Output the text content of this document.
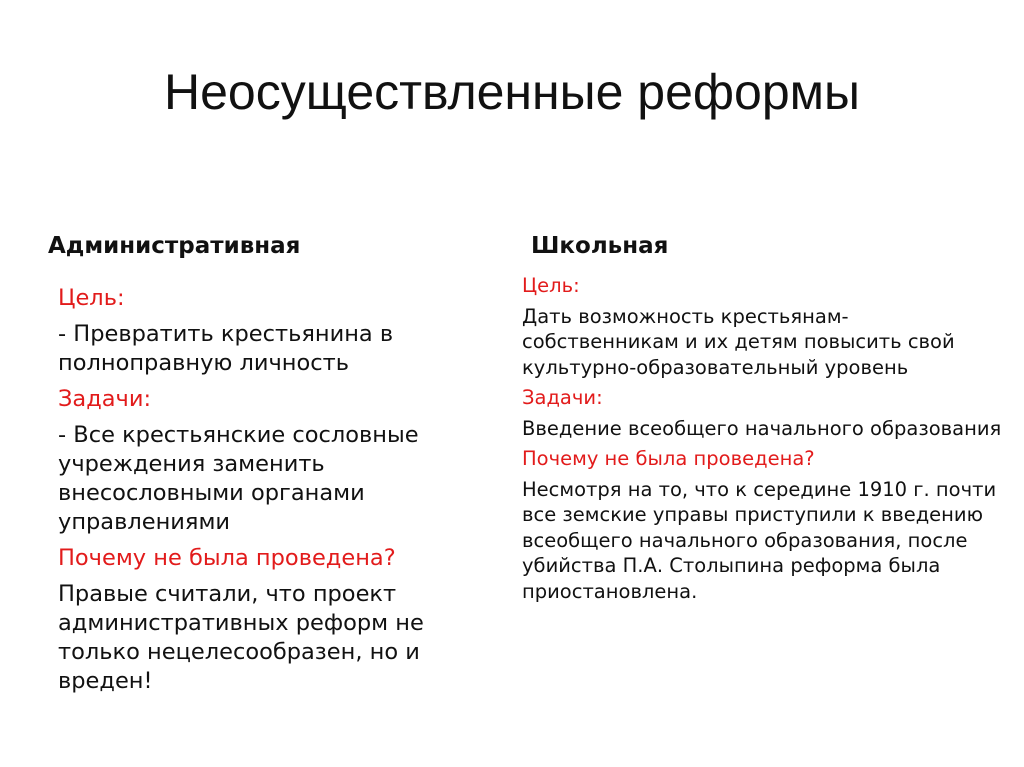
Неосуществленные реформы
Административная	Школьная

Цель:

- Превратить крестьянина в полноправную личность

Задачи:

- Все крестьянские сословные учреждения заменить внесословными органами управлениями

Почему не была проведена?

Правые считали, что проект административных реформ не только нецелесообразен, но и вреден!

Цель:

Дать возможность крестьянам-собственникам и их детям повысить свой культурно-образовательный уровень

Задачи:

Введение всеобщего начального образования

Почему не была проведена?

Несмотря на то, что к середине 1910 г. почти все земские управы приступили к введению всеобщего начального образования, после убийства П.А. Столыпина реформа была приостановлена.
